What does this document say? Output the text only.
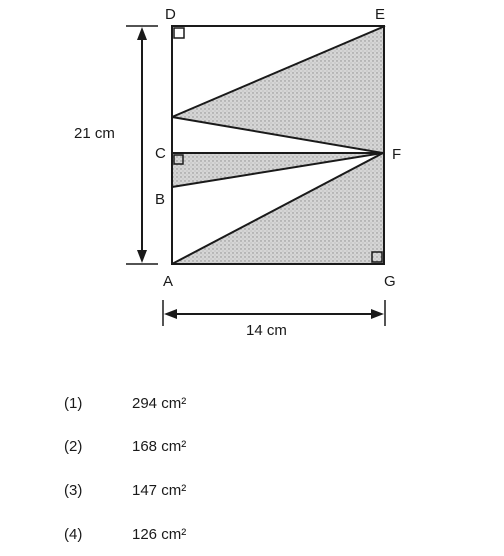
D	E
C	F
B
A	G
21 cm
14 cm
(1)	294 cm²
(2)	168 cm²
(3)	147 cm²
(4)	126 cm²
